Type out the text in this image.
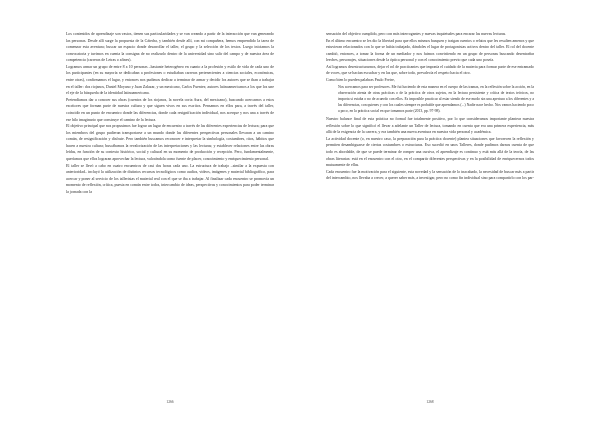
Los contenidos de aprendizaje son vastos, tienen sus particularidades y se van creando a partir de la interacción que van generando las personas. Desde allí surge la propuesta de la Cátedra, y también desde allí, con mi compañera, hemos emprendido la tarea de comenzar esta aventura; buscar un espacio donde desarrollar el taller, el grupo y la selección de los textos. Luego iniciamos la convocatoria y tuvimos en cuenta la consigna de no realizarlo dentro de la universidad sino salir del campo y de nuestra área de competencia (carreras de Letras o afines).

Logramos armar un grupo de entre 8 a 10 personas –bastante heterogéneo en cuanto a la profesión y estilo de vida de cada uno de los participantes (en su mayoría se dedicaban a profesiones o estudiaban carreras pertenecientes a ciencias sociales, económicas, entre otras), confirmamos el lugar, y entonces nos pudimos dedicar a terminar de armar y decidir los autores que se iban a trabajar en el taller: dos riojanos, Daniel Moyano y Juan Zalazar, y un mexicano, Carlos Fuentes; autores latinoamericanos a los que los une el eje de la búsqueda de la identidad latinoamericana.

Pretendíamos dar a conocer sus obras (cuentos de los riojanos, la novela corta Aura, del mexicano), buscando acercarnos a estos escritores que forman parte de nuestra cultura y que siguen vivos en sus escritos. Pensamos en ellos para, a través del taller, coincidir en un punto de encuentro donde las diferencias, donde cada resignificación individual, nos acerque y nos una a través de ese hilo imaginario que construye el camino de la lectura.

El objetivo principal que nos propusimos fue lograr un lugar de encuentro a través de las diferentes experiencias de lectura; para que los miembros del grupo pudieran transportarse a un mundo donde las diferentes perspectivas personales llevaran a un camino común, de resignificación y disfrute. Pero también buscamos reconocer e interpretar la simbología, costumbres, ritos, hábitos que hacen a nuestra cultura; buscábamos la revalorización de las interpretaciones y las lecturas; y establecer relaciones entre las obras leídas, en función de su contexto histórico, social y cultural en su momento de producción y recepción. Pero, fundamentalmente, queríamos que ellos lograran aprovechar la lectura, valorándola como fuente de placer, conocimiento y enriquecimiento personal.

El taller se llevó a cabo en cuatro encuentros de casi dos horas cada uno. La estructura de trabajo –similar a la expuesta con anterioridad– incluyó la utilización de distintos recursos tecnológicos como audios, videos, imágenes y material bibliográfico, para acercar y poner al servicio de los talleristas el material real con el que se iba a trabajar. Al finalizar cada encuentro se promovía un momento de reflexión, crítica, puesta en común entre todos, intercambio de ideas, perspectivas y conocimientos para poder terminar la jornada con la

1266

sensación del objetivo cumplido, pero con más interrogantes y nuevas inquietudes para encarar las nuevas lecturas.

En el último encuentro se les dio la libertad para que ellos mismos busquen y traigan cuentos o relatos que les resulten amenos y que estuvieran relacionados con lo que se había trabajado, dándoles el lugar de protagonistas activos dentro del taller. El rol del docente cambió, entonces, a tomar la forma de un mediador y nos fuimos convirtiendo en un grupo de personas buscando desentrañar leeches, personajes, situaciones desde la óptica personal y con el conocimiento previo que cada uno poseía.

Así logramos desestructurarnos, dejar el rol de practicantes que imponía el cuidado de la materia para formar parte de ese entramado de voces, que se hacían escuchar y en las que, sobre todo, prevalecía el respeto hacia el otro.

Como bien lo pueden palabras Paulo Freire,

Nos acercamos para ser profesores. Me fui haciendo de esta manera en el cuerpo de las tramas, en la reflexión sobre la acción, en la observación atenta de otras prácticas o de la práctica de otros sujetos, en la lectura persistente y crítica de textos teóricos, no importa si estaba o no de acuerdo con ellos. Es imposible practicar al estar siendo de ese modo sin una apertura a los diferentes y a las diferencias, con quienes y con los cuales siempre es probable que aprendamos (...) Nadie nace hecho. Nos vamos haciendo poco a poco, en la práctica social en que tomamos parte (2013, pp. 97-98).

Nuestro balance final de esta práctica no formal fue totalmente positivo, por lo que consideramos importante plantear nuestra reflexión sobre lo que significó el llevar a adelante un Taller de lectura, tomando en cuenta que era una primera experiencia, más allá de la exigencia de la carrera, y era también una nueva aventura en nuestra vida personal y académica.

La actividad docente (o, en nuestro caso, la preparación para la práctica docente) plantea situaciones que favorecen la reflexión y permiten desambiguarse de ciertas costumbres o estructuras. Eso sucedió en unos Talleres, donde pudimos darnos cuenta de que todo es abordable, de que se puede terminar de romper una cursiva, el aprendizaje es continuo y está más allá de la teoría, de las obras literarias: está en el encuentro con el otro, en el compartir diferentes perspectivas y en la posibilidad de enriquecernos todos mutuamente de ellas.

Cada encuentro fue la motivación para el siguiente, esta novedad y la sensación de lo inacabado, la necesidad de buscar más a partir del intercambio, nos llevaba a crecer, a querer saber más, a investigar, pero no como fin individual sino para compartirlo con los par-

1268
